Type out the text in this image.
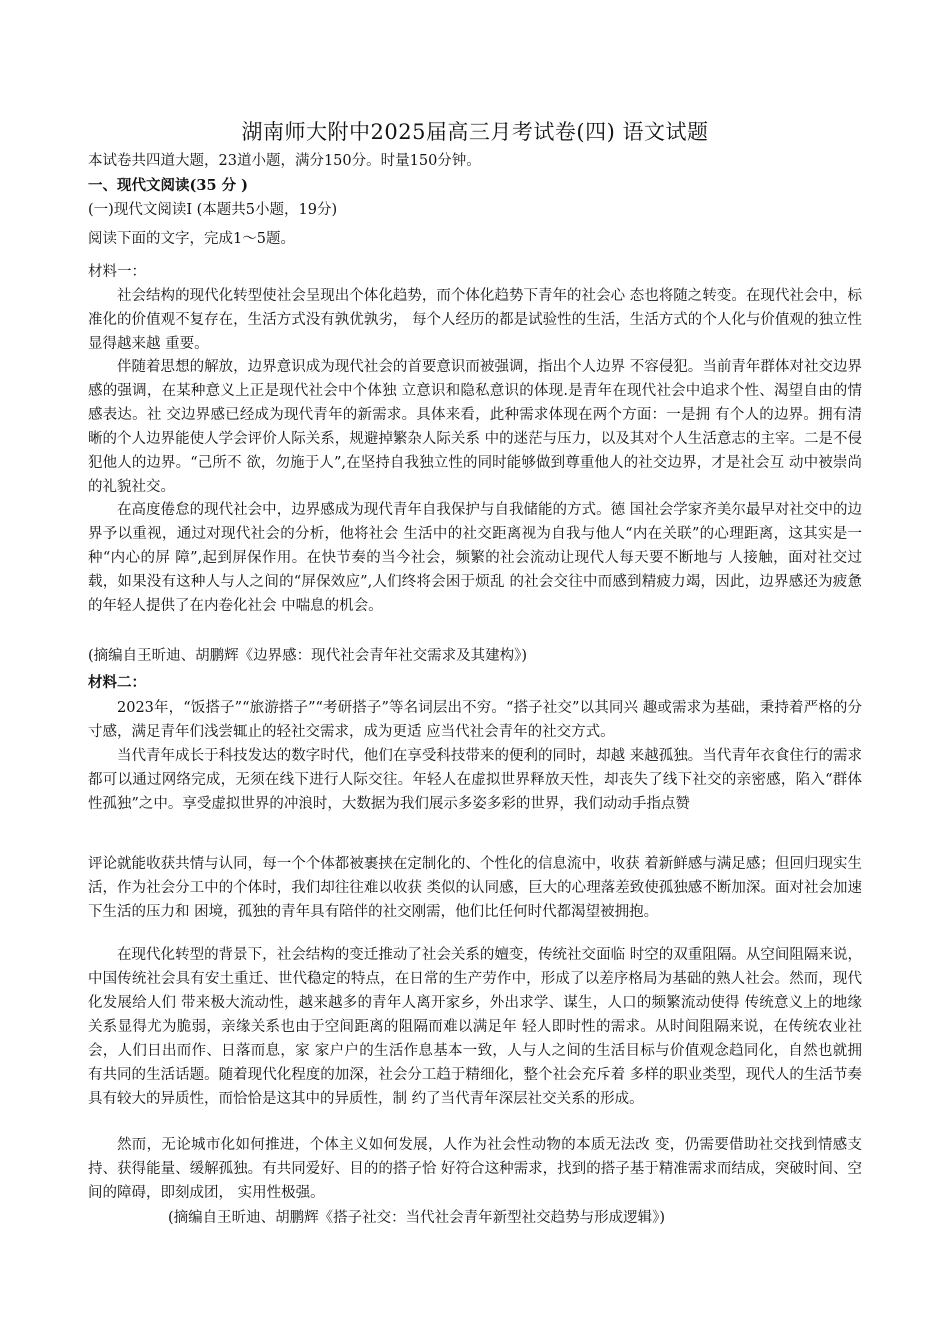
湖南师大附中2025届高三月考试卷(四) 语文试题
本试卷共四道大题，23道小题，满分150分。时量150分钟。
一、现代文阅读(35 分 )
(一)现代文阅读Ⅰ (本题共5小题，19分)
阅读下面的文字，完成1～5题。
材料一：

社会结构的现代化转型使社会呈现出个体化趋势，而个体化趋势下青年的社会心 态也将随之转变。在现代社会中，标准化的价值观不复存在，生活方式没有孰优孰劣， 每个人经历的都是试验性的生活，生活方式的个人化与价值观的独立性显得越来越 重要。

伴随着思想的解放，边界意识成为现代社会的首要意识而被强调，指出个人边界 不容侵犯。当前青年群体对社交边界感的强调，在某种意义上正是现代社会中个体独 立意识和隐私意识的体现.是青年在现代社会中追求个性、渴望自由的情感表达。社 交边界感已经成为现代青年的新需求。具体来看，此种需求体现在两个方面：一是拥 有个人的边界。拥有清晰的个人边界能使人学会评价人际关系，规避掉繁杂人际关系 中的迷茫与压力，以及其对个人生活意志的主宰。二是不侵犯他人的边界。“己所不 欲，勿施于人”,在坚持自我独立性的同时能够做到尊重他人的社交边界，才是社会互 动中被崇尚的礼貌社交。

在高度倦怠的现代社会中，边界感成为现代青年自我保护与自我储能的方式。德 国社会学家齐美尔最早对社交中的边界予以重视，通过对现代社会的分析，他将社会 生活中的社交距离视为自我与他人“内在关联”的心理距离，这其实是一种“内心的屏 障”,起到屏保作用。在快节奏的当今社会，频繁的社会流动让现代人每天要不断地与 人接触，面对社交过载，如果没有这种人与人之间的“屏保效应”,人们终将会困于烦乱 的社会交往中而感到精疲力竭，因此，边界感还为疲惫的年轻人提供了在内卷化社会 中喘息的机会。

(摘编自王昕迪、胡鹏辉《边界感：现代社会青年社交需求及其建构》)
材料二：

2023年，“饭搭子”“旅游搭子”“考研搭子”等名词层出不穷。“搭子社交”以其同兴 趣或需求为基础，秉持着严格的分寸感，满足青年们浅尝辄止的轻社交需求，成为更适 应当代社会青年的社交方式。

当代青年成长于科技发达的数字时代，他们在享受科技带来的便利的同时，却越 来越孤独。当代青年衣食住行的需求都可以通过网络完成，无须在线下进行人际交往。年轻人在虚拟世界释放天性，却丧失了线下社交的亲密感，陷入“群体性孤独”之中。享受虚拟世界的冲浪时，大数据为我们展示多姿多彩的世界，我们动动手指点赞

评论就能收获共情与认同，每一个个体都被裹挟在定制化的、个性化的信息流中，收获 着新鲜感与满足感；但回归现实生活，作为社会分工中的个体时，我们却往往难以收获 类似的认同感，巨大的心理落差致使孤独感不断加深。面对社会加速下生活的压力和 困境，孤独的青年具有陪伴的社交刚需，他们比任何时代都渴望被拥抱。

在现代化转型的背景下，社会结构的变迁推动了社会关系的嬗变，传统社交面临 时空的双重阻隔。从空间阻隔来说，中国传统社会具有安土重迁、世代稳定的特点，在日常的生产劳作中，形成了以差序格局为基础的熟人社会。然而，现代化发展给人们 带来极大流动性，越来越多的青年人离开家乡，外出求学、谋生，人口的频繁流动使得 传统意义上的地缘关系显得尤为脆弱，亲缘关系也由于空间距离的阻隔而难以满足年 轻人即时性的需求。从时间阻隔来说，在传统农业社会，人们日出而作、日落而息，家 家户户的生活作息基本一致，人与人之间的生活目标与价值观念趋同化，自然也就拥 有共同的生活话题。随着现代化程度的加深，社会分工趋于精细化，整个社会充斥着 多样的职业类型，现代人的生活节奏具有较大的异质性，而恰恰是这其中的异质性，制 约了当代青年深层社交关系的形成。

然而，无论城市化如何推进，个体主义如何发展，人作为社会性动物的本质无法改 变，仍需要借助社交找到情感支持、获得能量、缓解孤独。有共同爱好、目的的搭子恰 好符合这种需求，找到的搭子基于精准需求而结成，突破时间、空间的障碍，即刻成团， 实用性极强。

(摘编自王昕迪、胡鹏辉《搭子社交：当代社会青年新型社交趋势与形成逻辑》)
